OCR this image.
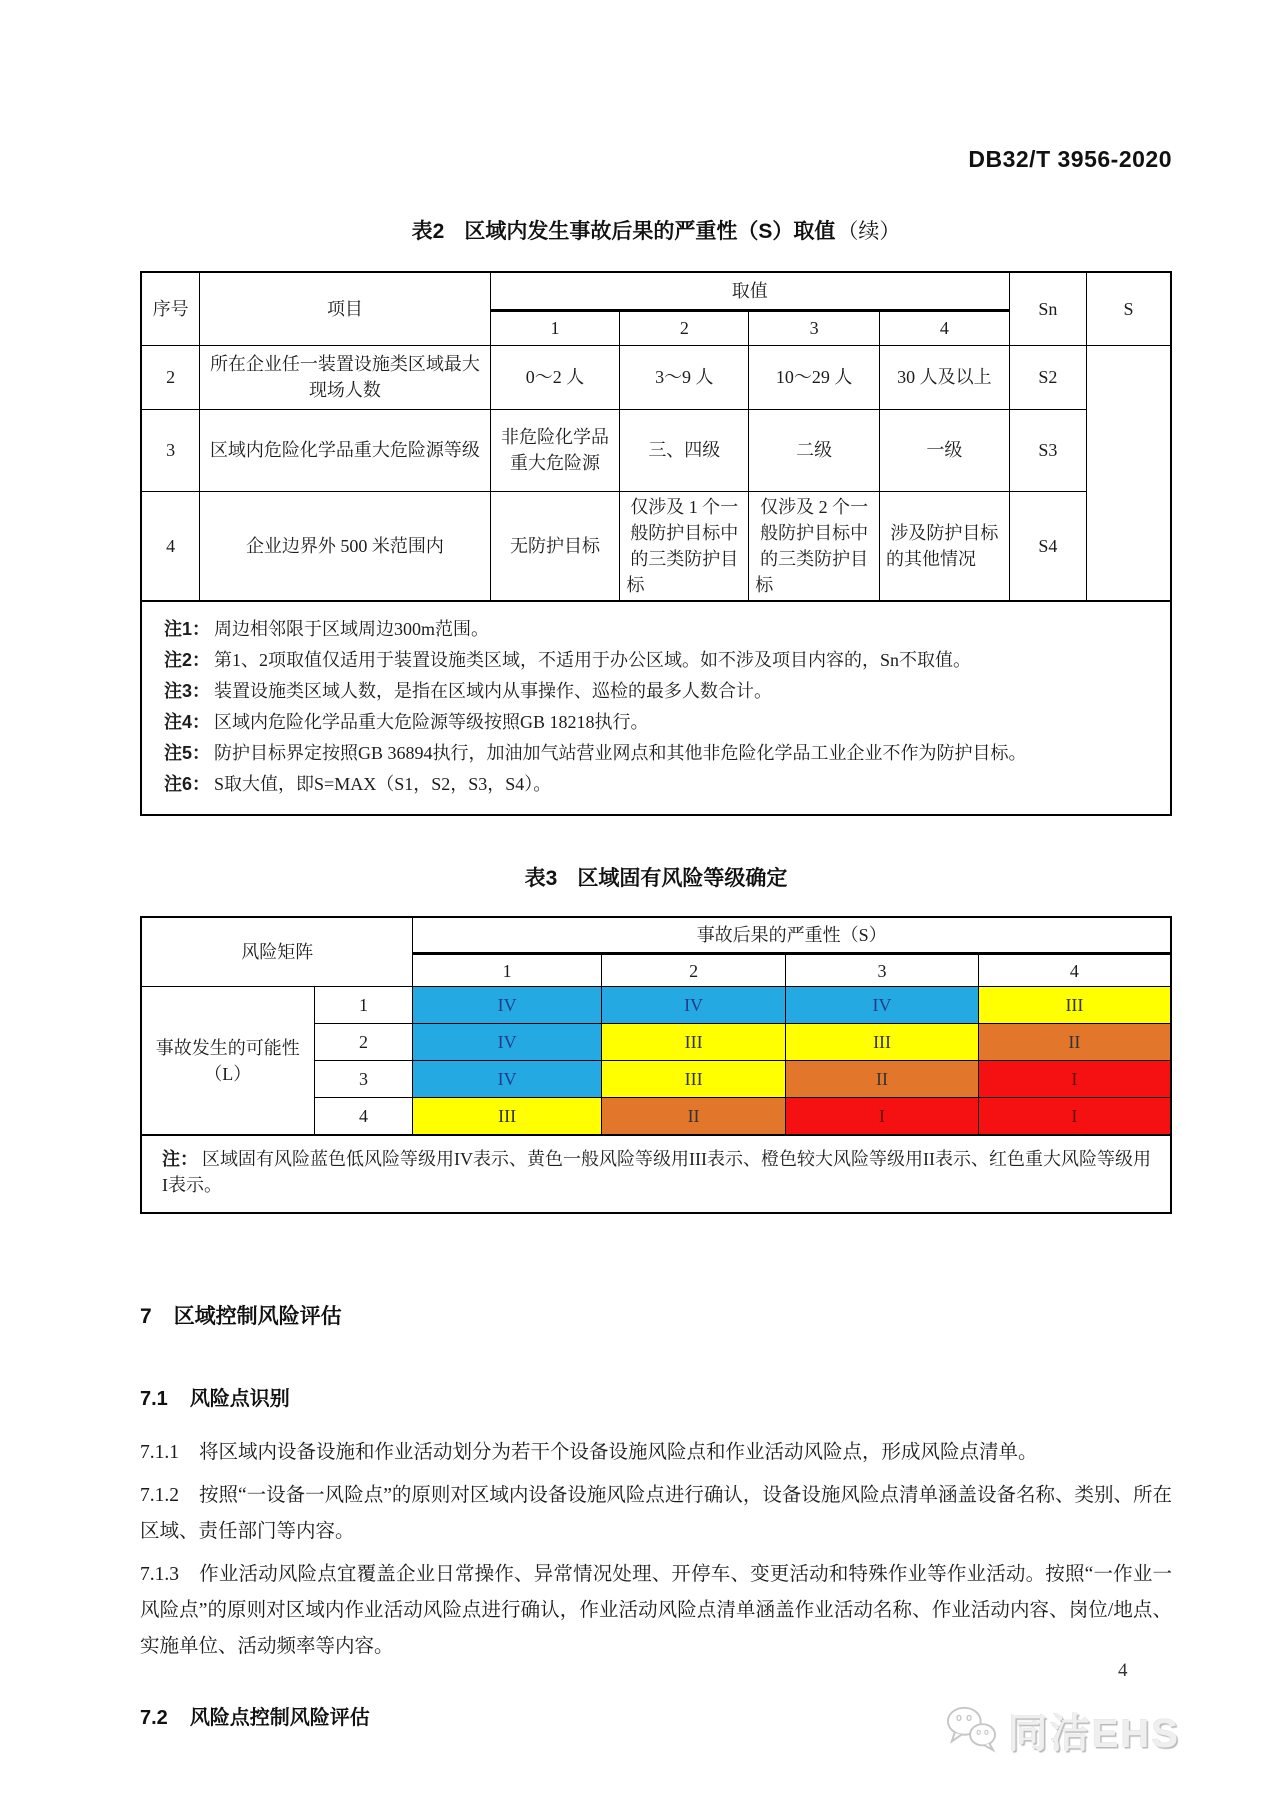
DB32/T 3956-2020
表2 区域内发生事故后果的严重性（S）取值（续）
序号	项目	取值				Sn	S
		1	2	3	4		
2	所在企业任一装置设施类区域最大现场人数	0～2 人	3～9 人	10～29 人	30 人及以上	S2	
3	区域内危险化学品重大危险源等级	非危险化学品重大危险源	三、四级	二级	一级	S3	
4	企业边界外 500 米范围内	无防护目标	仅涉及 1 个一般防护目标中的三类防护目标	仅涉及 2 个一般防护目标中的三类防护目标	涉及防护目标的其他情况	S4	

注1： 周边相邻限于区域周边300m范围。
注2： 第1、2项取值仅适用于装置设施类区域，不适用于办公区域。如不涉及项目内容的，Sn不取值。
注3： 装置设施类区域人数，是指在区域内从事操作、巡检的最多人数合计。
注4： 区域内危险化学品重大危险源等级按照GB 18218执行。
注5： 防护目标界定按照GB 36894执行，加油加气站营业网点和其他非危险化学品工业企业不作为防护目标。
注6： S取大值，即S=MAX（S1，S2，S3，S4）。
表3 区域固有风险等级确定
风险矩阵		事故后果的严重性（S）			
		1	2	3	4
事故发生的可能性（L）	1	IV	IV	IV	III
	2	IV	III	III	II
	3	IV	III	II	I
	4	III	II	I	I
注： 区域固有风险蓝色低风险等级用IV表示、黄色一般风险等级用III表示、橙色较大风险等级用II表示、红色重大风险等级用I表示。					
7 区域控制风险评估
7.1 风险点识别
7.1.1 将区域内设备设施和作业活动划分为若干个设备设施风险点和作业活动风险点，形成风险点清单。
7.1.2 按照“一设备一风险点”的原则对区域内设备设施风险点进行确认，设备设施风险点清单涵盖设备名称、类别、所在区域、责任部门等内容。
7.1.3 作业活动风险点宜覆盖企业日常操作、异常情况处理、开停车、变更活动和特殊作业等作业活动。按照“一作业一风险点”的原则对区域内作业活动风险点进行确认，作业活动风险点清单涵盖作业活动名称、作业活动内容、岗位/地点、实施单位、活动频率等内容。
7.2 风险点控制风险评估
4
同洁EHS
